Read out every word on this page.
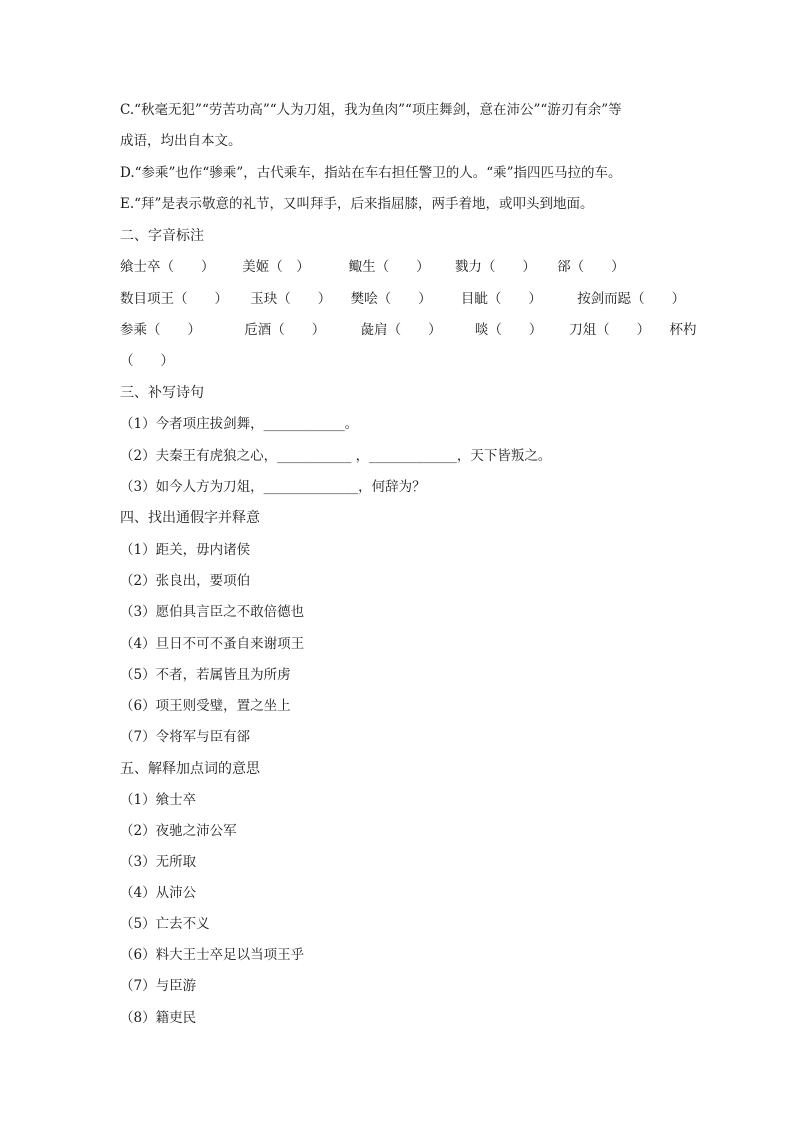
C.“秋毫无犯”“劳苦功高”“人为刀俎，我为鱼肉”“项庄舞剑，意在沛公”“游刃有余”等
成语，均出自本文。
D.“参乘”也作“骖乘”，古代乘车，指站在车右担任警卫的人。“乘”指四匹马拉的车。
E.“拜”是表示敬意的礼节，又叫拜手，后来指屈膝，两手着地，或叩头到地面。
二、字音标注
飨士卒（　　） 美姬（　）	鲰生（　　） 戮力（　　） 郤（　　）
数目项王（　　） 玉玦（　　） 樊哙（　　） 目眦（　　）	按剑而跽（　　）
参乘（　　）	卮酒（　　）	彘肩（　　） 啖（　　） 刀俎（　　） 杯杓
（　　）
三、补写诗句
（1）今者项庄拔剑舞，____________。
（2）夫秦王有虎狼之心，___________ ，_____________，天下皆叛之。
（3）如今人方为刀俎，______________，何辞为？
四、找出通假字并释意
（1）距关，毋内诸侯
（2）张良出，要项伯
（3）愿伯具言臣之不敢倍德也
（4）旦日不可不蚤自来谢项王
（5）不者，若属皆且为所虏
（6）项王则受璧，置之坐上
（7）令将军与臣有郤
五、解释加点词的意思
（1）飨士卒
（2）夜驰之沛公军
（3）无所取
（4）从沛公
（5）亡去不义
（6）料大王士卒足以当项王乎
（7）与臣游
（8）籍吏民
